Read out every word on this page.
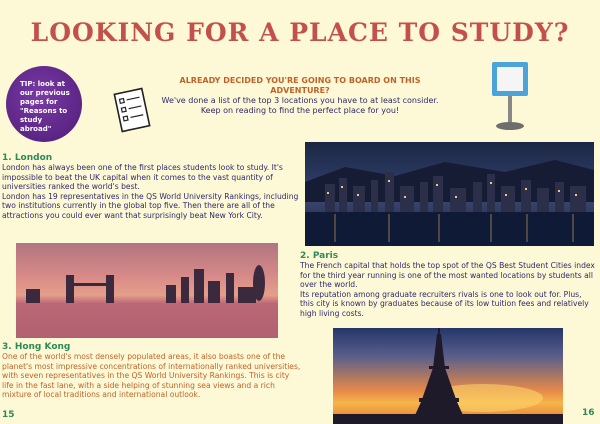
LOOKING FOR A PLACE TO STUDY?
TIP: look at our previous pages for "Reasons to study abroad"
ALREADY DECIDED YOU'RE GOING TO BOARD ON THIS ADVENTURE?
We've done a list of the top 3 locations you have to at least consider.
Keep on reading to find the perfect place for you!
1. London
London has always been one of the first places students look to study. It's impossible to beat the UK capital when it comes to the vast quantity of universities ranked the world's best.
London has 19 representatives in the QS World University Rankings, including two institutions currently in the global top five. Then there are all of the attractions you could ever want that surprisingly beat New York City.
2. Paris
The French capital that holds the top spot of the QS Best Student Cities index for the third year running is one of the most wanted locations by students all over the world.
Its reputation among graduate recruiters rivals is one to look out for. Plus, this city is known by graduates because of its low tuition fees and relatively high living costs.
3. Hong Kong
One of the world's most densely populated areas, it also boasts one of the planet's most impressive concentrations of internationally ranked universities, with seven representatives in the QS World University Rankings. This is city life in the fast lane, with a side helping of stunning sea views and a rich mixture of local traditions and international outlook.
15	16
